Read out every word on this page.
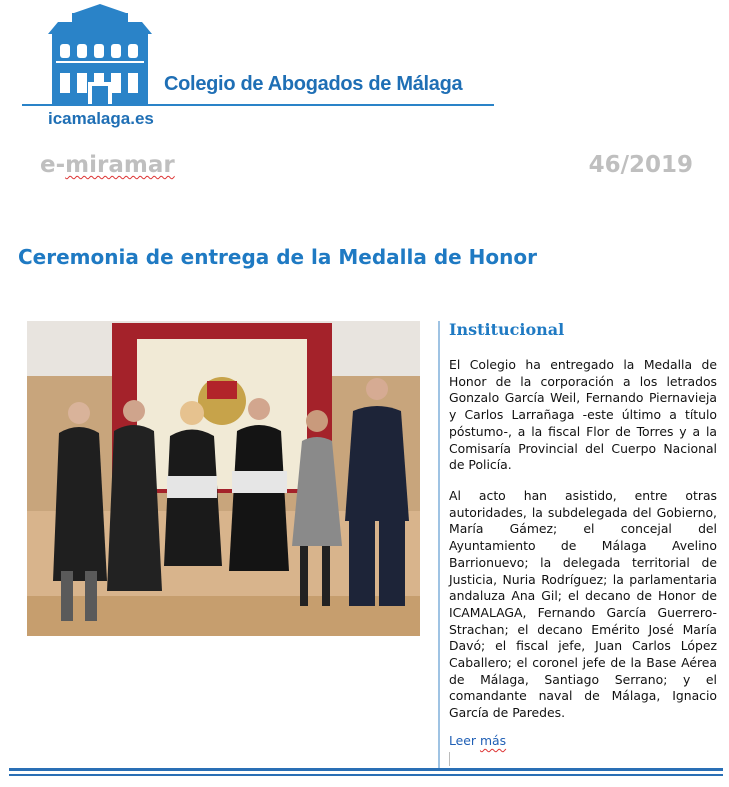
Colegio de Abogados de Málaga
icamalaga.es
e-miramar	46/2019
Ceremonia de entrega de la Medalla de Honor
Institucional
El Colegio ha entregado la Medalla de Honor de la corporación a los letrados Gonzalo García Weil, Fernando Piernavieja y Carlos Larrañaga -este último a título póstumo-, a la fiscal Flor de Torres y a la Comisaría Provincial del Cuerpo Nacional de Policía.
Al acto han asistido, entre otras autoridades, la subdelegada del Gobierno, María Gámez; el concejal del Ayuntamiento de Málaga Avelino Barrionuevo; la delegada territorial de Justicia, Nuria Rodríguez; la parlamentaria andaluza Ana Gil; el decano de Honor de ICAMALAGA, Fernando García Guerrero-Strachan; el decano Emérito José María Davó; el fiscal jefe, Juan Carlos López Caballero; el coronel jefe de la Base Aérea de Málaga, Santiago Serrano; y el comandante naval de Málaga, Ignacio García de Paredes.
Leer más
